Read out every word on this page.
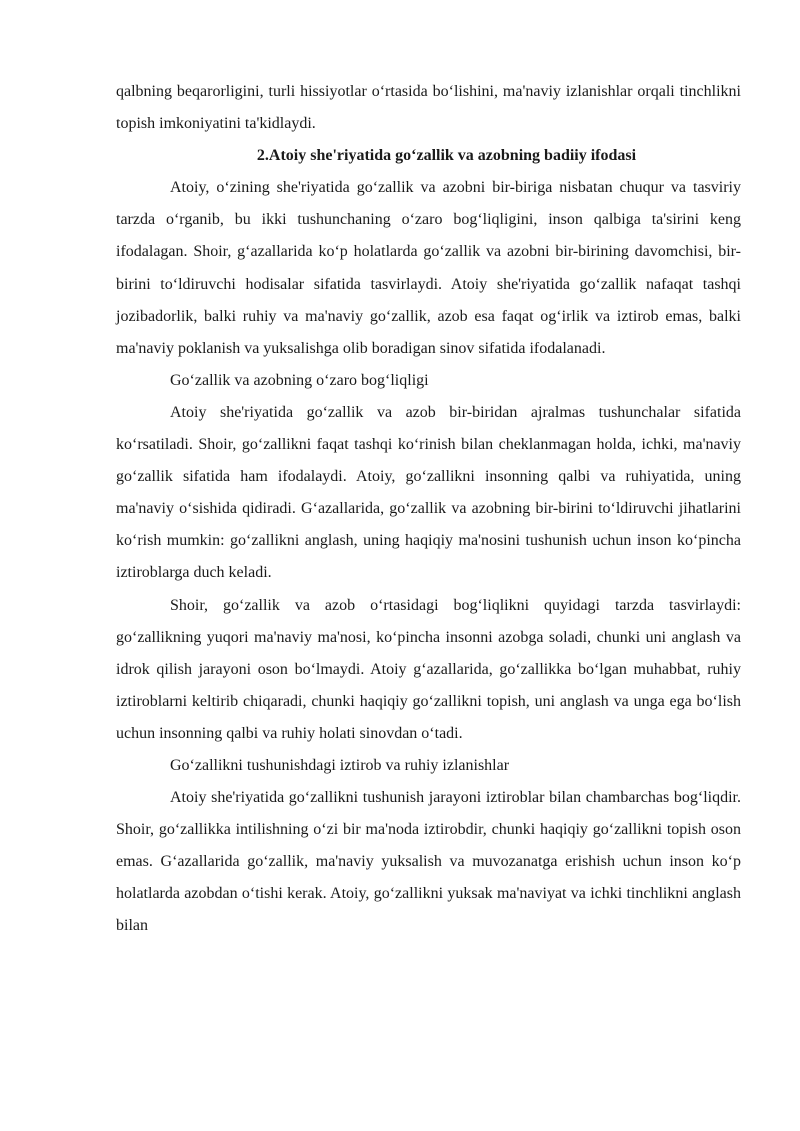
qalbning beqarorligini, turli hissiyotlar o‘rtasida bo‘lishini, ma'naviy izlanishlar orqali tinchlikni topish imkoniyatini ta'kidlaydi.

2.Atoiy she'riyatida go‘zallik va azobning badiiy ifodasi

Atoiy, o‘zining she'riyatida go‘zallik va azobni bir-biriga nisbatan chuqur va tasviriy tarzda o‘rganib, bu ikki tushunchaning o‘zaro bog‘liqligini, inson qalbiga ta'sirini keng ifodalagan. Shoir, g‘azallarida ko‘p holatlarda go‘zallik va azobni bir-birining davomchisi, bir-birini to‘ldiruvchi hodisalar sifatida tasvirlaydi. Atoiy she'riyatida go‘zallik nafaqat tashqi jozibadorlik, balki ruhiy va ma'naviy go‘zallik, azob esa faqat og‘irlik va iztirob emas, balki ma'naviy poklanish va yuksalishga olib boradigan sinov sifatida ifodalanadi.

Go‘zallik va azobning o‘zaro bog‘liqligi

Atoiy she'riyatida go‘zallik va azob bir-biridan ajralmas tushunchalar sifatida ko‘rsatiladi. Shoir, go‘zallikni faqat tashqi ko‘rinish bilan cheklanmagan holda, ichki, ma'naviy go‘zallik sifatida ham ifodalaydi. Atoiy, go‘zallikni insonning qalbi va ruhiyatida, uning ma'naviy o‘sishida qidiradi. G‘azallarida, go‘zallik va azobning bir-birini to‘ldiruvchi jihatlarini ko‘rish mumkin: go‘zallikni anglash, uning haqiqiy ma'nosini tushunish uchun inson ko‘pincha iztiroblarga duch keladi.

Shoir, go‘zallik va azob o‘rtasidagi bog‘liqlikni quyidagi tarzda tasvirlaydi: go‘zallikning yuqori ma'naviy ma'nosi, ko‘pincha insonni azobga soladi, chunki uni anglash va idrok qilish jarayoni oson bo‘lmaydi. Atoiy g‘azallarida, go‘zallikka bo‘lgan muhabbat, ruhiy iztiroblarni keltirib chiqaradi, chunki haqiqiy go‘zallikni topish, uni anglash va unga ega bo‘lish uchun insonning qalbi va ruhiy holati sinovdan o‘tadi.

Go‘zallikni tushunishdagi iztirob va ruhiy izlanishlar

Atoiy she'riyatida go‘zallikni tushunish jarayoni iztiroblar bilan chambarchas bog‘liqdir. Shoir, go‘zallikka intilishning o‘zi bir ma'noda iztirobdir, chunki haqiqiy go‘zallikni topish oson emas. G‘azallarida go‘zallik, ma'naviy yuksalish va muvozanatga erishish uchun inson ko‘p holatlarda azobdan o‘tishi kerak. Atoiy, go‘zallikni yuksak ma'naviyat va ichki tinchlikni anglash bilan
